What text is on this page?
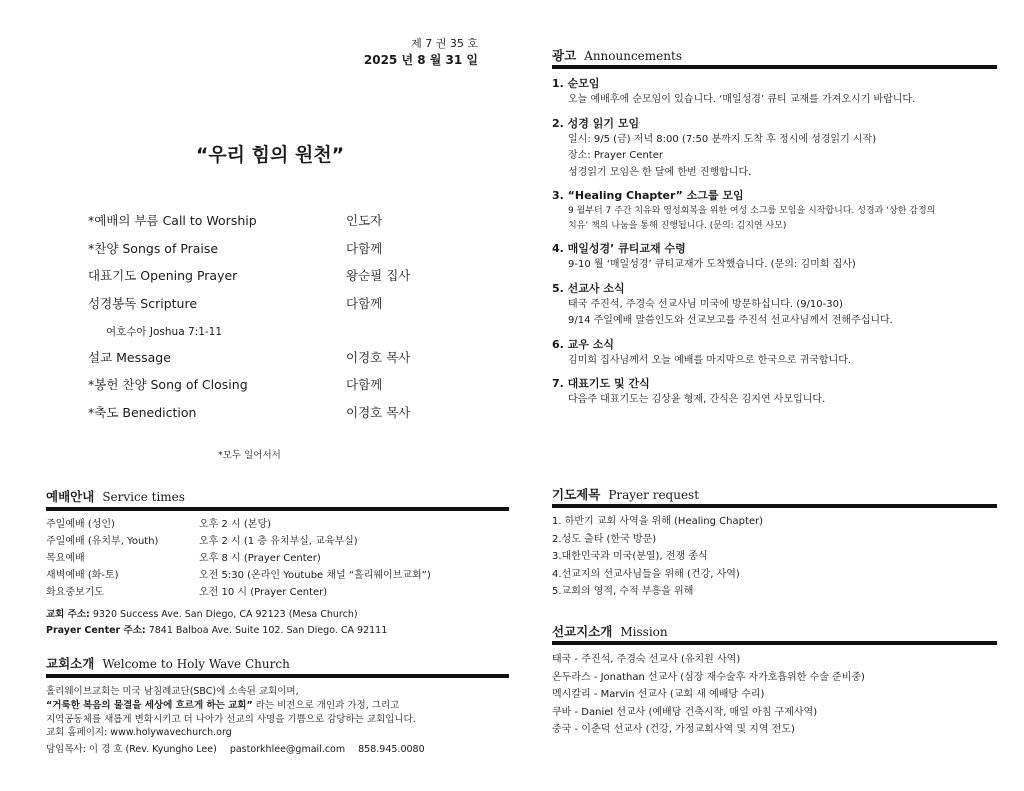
제 7 권 35 호
2025 년 8 월 31 일
“우리 힘의 원천”
*예배의 부름 Call to Worship	인도자
*찬양 Songs of Praise	다함께
대표기도 Opening Prayer	왕순필 집사
성경봉독 Scripture	다함께
여호수아 Joshua 7:1-11
설교 Message	이경호 목사
*봉헌 찬양 Song of Closing	다함께
*축도 Benediction	이경호 목사
*모두 일어서서
예배안내 Service times
주일예배 (성인)	오후 2 시 (본당)
주일예배 (유치부, Youth)	오후 2 시 (1 층 유치부실, 교육부실)
목요예배	오후 8 시 (Prayer Center)
새벽예배 (화-토)	오전 5:30 (온라인 Youtube 채널 “홀리웨이브교회”)
화요중보기도	오전 10 시 (Prayer Center)
교회 주소: 9320 Success Ave. San Diego, CA 92123 (Mesa Church)
Prayer Center 주소: 7841 Balboa Ave. Suite 102. San Diego. CA 92111
교회소개 Welcome to Holy Wave Church
홀리웨이브교회는 미국 남침례교단(SBC)에 소속된 교회이며,
“거룩한 복음의 물결을 세상에 흐르게 하는 교회” 라는 비전으로 개인과 가정, 그리고
지역공동체를 새롭게 변화시키고 더 나아가 선교의 사명을 기쁨으로 감당하는 교회입니다.
교회 홈페이지: www.holywavechurch.org
담임목사: 이 경 호 (Rev. Kyungho Lee) pastorkhlee@gmail.com 858.945.0080
광고 Announcements
1. 순모임
오늘 예배후에 순모임이 있습니다. ‘매일성경’ 큐티 교재를 가져오시기 바랍니다.
2. 성경 읽기 모임
일시: 9/5 (금) 저녁 8:00 (7:50 분까지 도착 후 정시에 성경읽기 시작)
장소: Prayer Center
성경읽기 모임은 한 달에 한번 진행합니다.
3. “Healing Chapter” 소그룹 모임
9 월부터 7 주간 치유와 영성회복을 위한 여성 소그룹 모임을 시작합니다. 성경과 ‘상한 감정의
치유’ 책의 나눔을 통해 진행됩니다. (문의: 김지연 사모)
4. 매일성경’ 큐티교재 수령
9-10 월 ‘매일성경’ 큐티교재가 도착했습니다. (문의: 김미희 집사)
5. 선교사 소식
태국 주진석, 주경숙 선교사님 미국에 방문하십니다. (9/10-30)
9/14 주일예배 말씀인도와 선교보고를 주진석 선교사님께서 전해주십니다.
6. 교우 소식
김미희 집사님께서 오늘 예배를 마지막으로 한국으로 귀국합니다.
7. 대표기도 및 간식
다음주 대표기도는 김상윤 형제, 간식은 김지연 사모입니다.
기도제목 Prayer request
1. 하반기 교회 사역을 위해 (Healing Chapter)
2.성도 출타 (한국 방문)
3.대한민국과 미국(분열), 전쟁 종식
4.선교지의 선교사님들을 위해 (건강, 사역)
5.교회의 영적, 수적 부흥을 위해
선교지소개 Mission
태국 - 주진석, 주경숙 선교사 (유치원 사역)
온두라스 - Jonathan 선교사 (심장 재수술후 자가호흡위한 수술 준비중)
멕시칼리 - Marvin 선교사 (교회 새 예배당 수리)
쿠바 - Daniel 선교사 (예배당 건축시작, 매일 아침 구제사역)
중국 - 이춘덕 선교사 (건강, 가정교회사역 및 지역 전도)
